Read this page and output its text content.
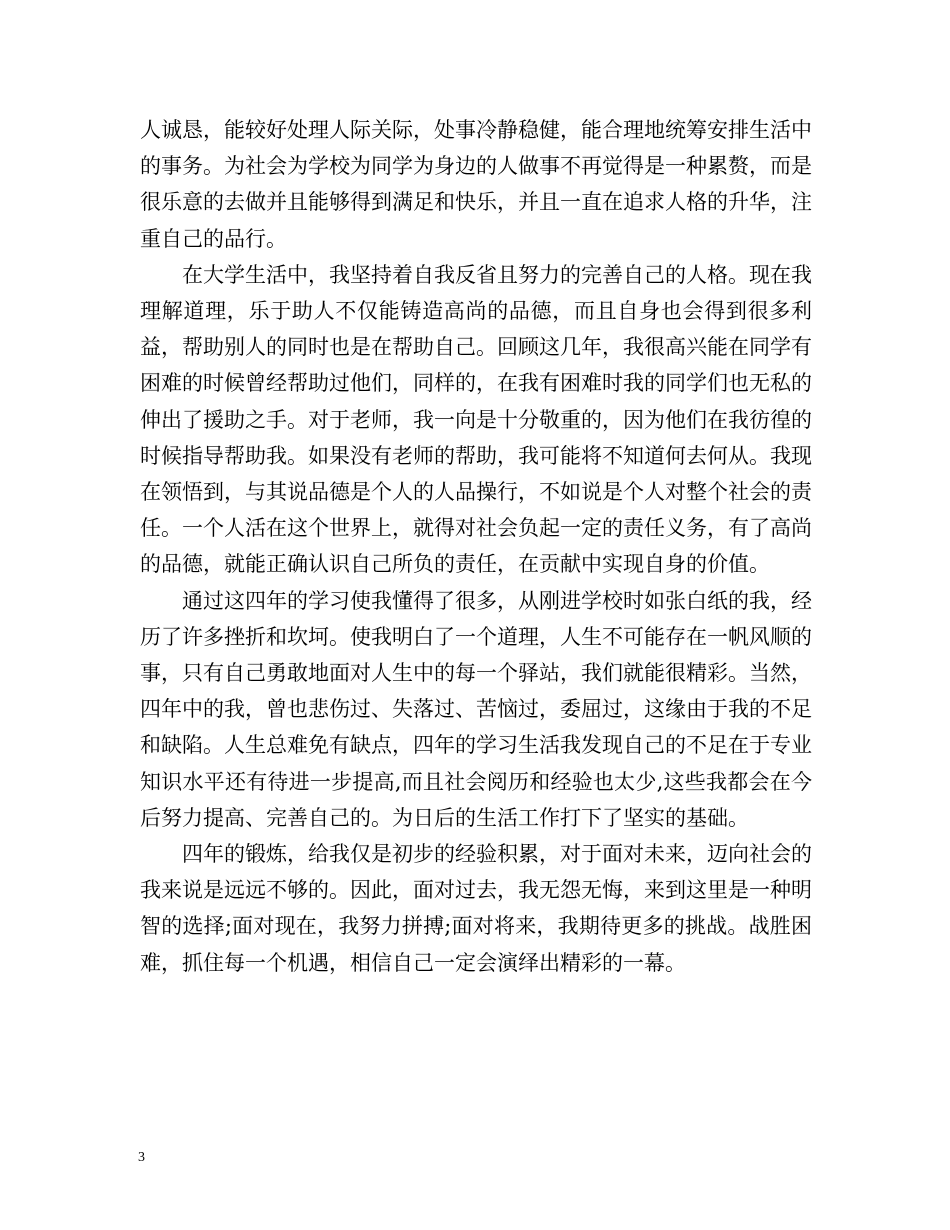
人诚恳，能较好处理人际关际，处事冷静稳健，能合理地统筹安排生活中的事务。为社会为学校为同学为身边的人做事不再觉得是一种累赘，而是很乐意的去做并且能够得到满足和快乐，并且一直在追求人格的升华，注重自己的品行。

在大学生活中，我坚持着自我反省且努力的完善自己的人格。现在我理解道理，乐于助人不仅能铸造高尚的品德，而且自身也会得到很多利益，帮助别人的同时也是在帮助自己。回顾这几年，我很高兴能在同学有困难的时候曾经帮助过他们，同样的，在我有困难时我的同学们也无私的伸出了援助之手。对于老师，我一向是十分敬重的，因为他们在我彷徨的时候指导帮助我。如果没有老师的帮助，我可能将不知道何去何从。我现在领悟到，与其说品德是个人的人品操行，不如说是个人对整个社会的责任。一个人活在这个世界上，就得对社会负起一定的责任义务，有了高尚的品德，就能正确认识自己所负的责任，在贡献中实现自身的价值。

通过这四年的学习使我懂得了很多，从刚进学校时如张白纸的我，经历了许多挫折和坎坷。使我明白了一个道理，人生不可能存在一帆风顺的事，只有自己勇敢地面对人生中的每一个驿站，我们就能很精彩。当然，四年中的我，曾也悲伤过、失落过、苦恼过，委屈过，这缘由于我的不足和缺陷。人生总难免有缺点，四年的学习生活我发现自己的不足在于专业知识水平还有待进一步提高,而且社会阅历和经验也太少,这些我都会在今后努力提高、完善自己的。为日后的生活工作打下了坚实的基础。

四年的锻炼，给我仅是初步的经验积累，对于面对未来，迈向社会的我来说是远远不够的。因此，面对过去，我无怨无悔，来到这里是一种明智的选择;面对现在，我努力拼搏;面对将来，我期待更多的挑战。战胜困难，抓住每一个机遇，相信自己一定会演绎出精彩的一幕。

3
